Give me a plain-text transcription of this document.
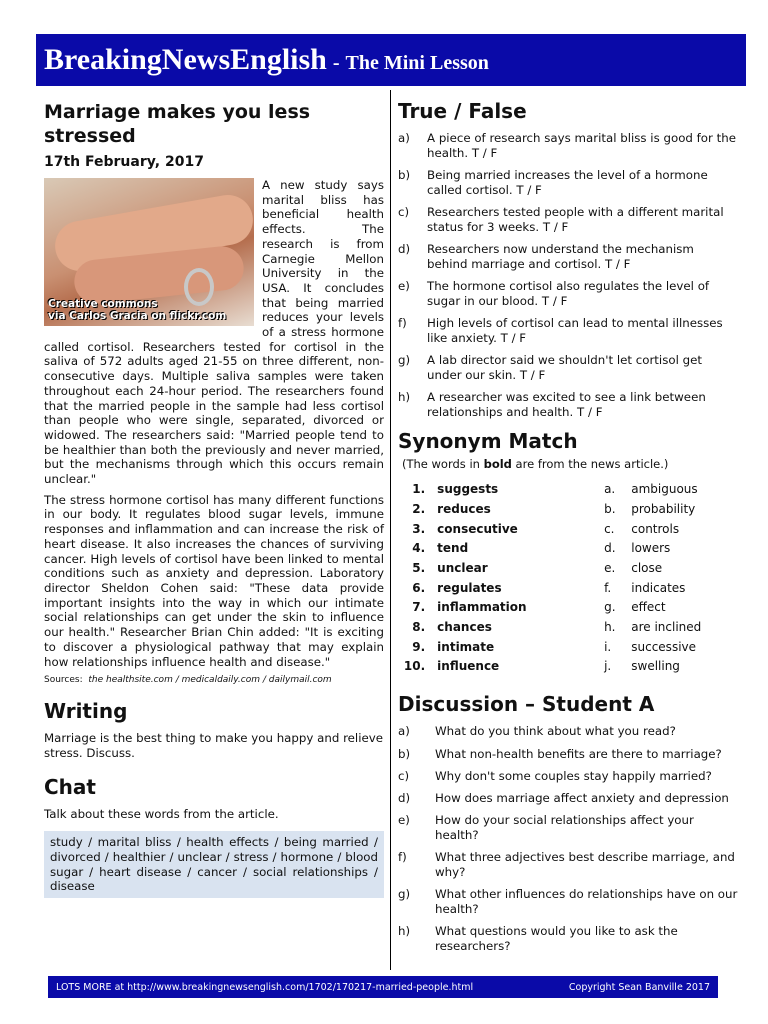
BreakingNewsEnglish - The Mini Lesson
Marriage makes you less stressed
17th February, 2017
Creative commons
via Carlos Gracia on flickr.com

A new study says marital bliss has beneficial health effects. The research is from Carnegie Mellon University in the USA. It concludes that being married reduces your levels of a stress hormone called cortisol. Researchers tested for cortisol in the saliva of 572 adults aged 21-55 on three different, non-consecutive days. Multiple saliva samples were taken throughout each 24-hour period. The researchers found that the married people in the sample had less cortisol than people who were single, separated, divorced or widowed. The researchers said: "Married people tend to be healthier than both the previously and never married, but the mechanisms through which this occurs remain unclear."

The stress hormone cortisol has many different functions in our body. It regulates blood sugar levels, immune responses and inflammation and can increase the risk of heart disease. It also increases the chances of surviving cancer. High levels of cortisol have been linked to mental conditions such as anxiety and depression. Laboratory director Sheldon Cohen said: "These data provide important insights into the way in which our intimate social relationships can get under the skin to influence our health." Researcher Brian Chin added: "It is exciting to discover a physiological pathway that may explain how relationships influence health and disease."

Sources: the healthsite.com / medicaldaily.com / dailymail.com
Writing
Marriage is the best thing to make you happy and relieve stress. Discuss.
Chat
Talk about these words from the article.
study / marital bliss / health effects / being married / divorced / healthier / unclear / stress / hormone / blood sugar / heart disease / cancer / social relationships / disease
True / False
a)	A piece of research says marital bliss is good for the health. T / F
b)	Being married increases the level of a hormone called cortisol. T / F
c)	Researchers tested people with a different marital status for 3 weeks. T / F
d)	Researchers now understand the mechanism behind marriage and cortisol. T / F
e)	The hormone cortisol also regulates the level of sugar in our blood. T / F
f)	High levels of cortisol can lead to mental illnesses like anxiety. T / F
g)	A lab director said we shouldn't let cortisol get under our skin. T / F
h)	A researcher was excited to see a link between relationships and health. T / F
Synonym Match
(The words in bold are from the news article.)
1. suggests	a.	ambiguous
2. reduces	b.	probability
3. consecutive	c.	controls
4. tend	d.	lowers
5. unclear	e.	close
6. regulates	f.	indicates
7. inflammation	g.	effect
8. chances	h.	are inclined
9. intimate	i.	successive
10. influence	j.	swelling
Discussion – Student A
a)	What do you think about what you read?
b)	What non-health benefits are there to marriage?
c)	Why don't some couples stay happily married?
d)	How does marriage affect anxiety and depression
e)	How do your social relationships affect your health?
f)	What three adjectives best describe marriage, and why?
g)	What other influences do relationships have on our health?
h)	What questions would you like to ask the researchers?
LOTS MORE at http://www.breakingnewsenglish.com/1702/170217-married-people.html	Copyright Sean Banville 2017
